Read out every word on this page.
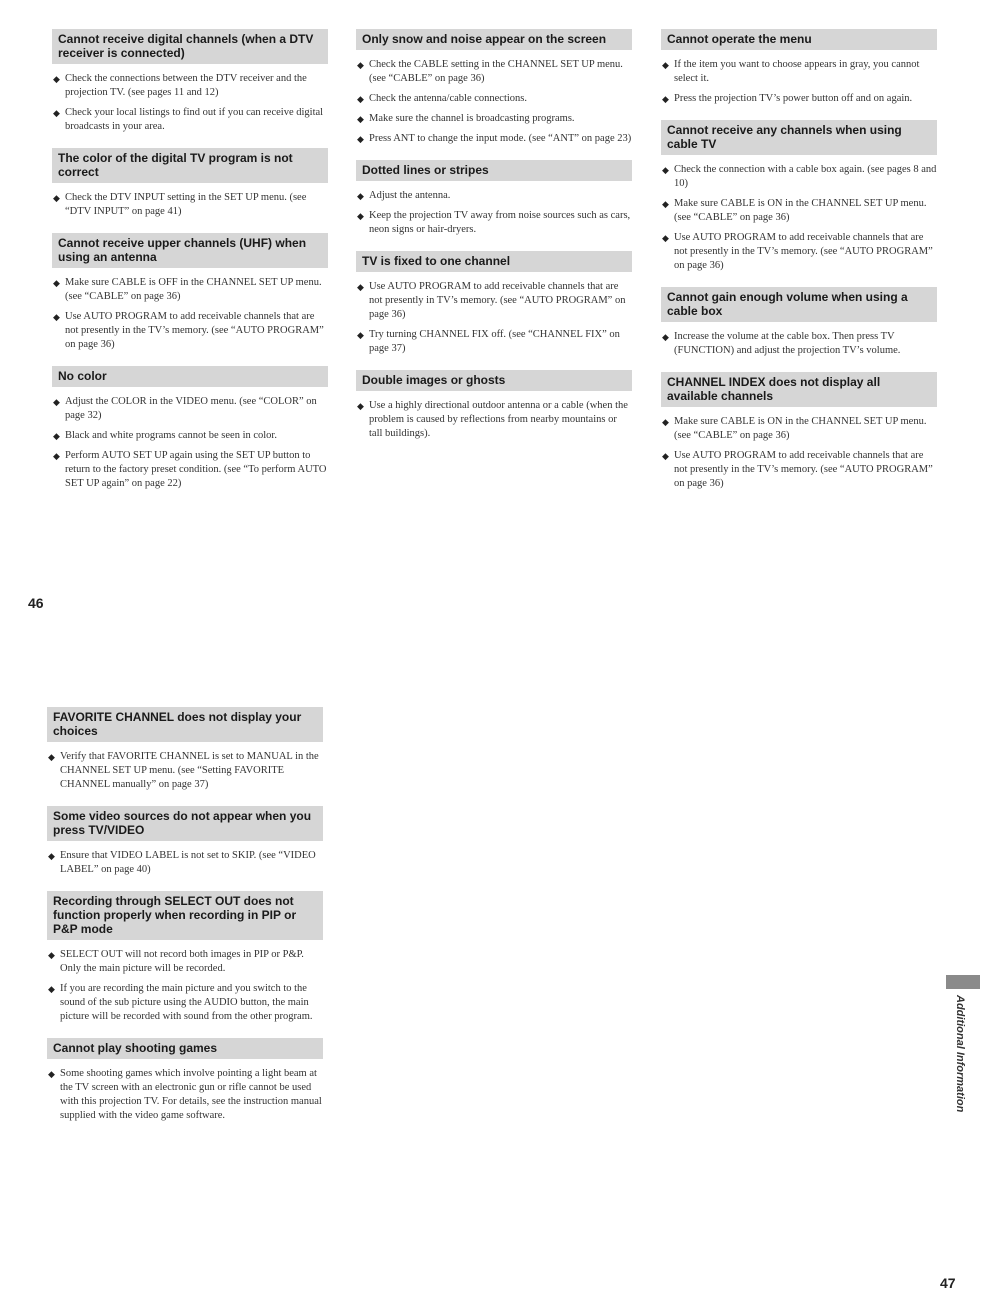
Cannot receive digital channels (when a DTV receiver is connected)
◆ Check the connections between the DTV receiver and the projection TV. (see pages 11 and 12)
◆ Check your local listings to find out if you can receive digital broadcasts in your area.
The color of the digital TV program is not correct
◆ Check the DTV INPUT setting in the SET UP menu. (see “DTV INPUT” on page 41)
Cannot receive upper channels (UHF) when using an antenna
◆ Make sure CABLE is OFF in the CHANNEL SET UP menu. (see “CABLE” on page 36)
◆ Use AUTO PROGRAM to add receivable channels that are not presently in the TV’s memory. (see “AUTO PROGRAM” on page 36)
No color
◆ Adjust the COLOR in the VIDEO menu. (see “COLOR” on page 32)
◆ Black and white programs cannot be seen in color.
◆ Perform AUTO SET UP again using the SET UP button to return to the factory preset condition. (see “To perform AUTO SET UP again” on page 22)
Only snow and noise appear on the screen
◆ Check the CABLE setting in the CHANNEL SET UP menu. (see “CABLE” on page 36)
◆ Check the antenna/cable connections.
◆ Make sure the channel is broadcasting programs.
◆ Press ANT to change the input mode. (see “ANT” on page 23)
Dotted lines or stripes
◆ Adjust the antenna.
◆ Keep the projection TV away from noise sources such as cars, neon signs or hair-dryers.
TV is fixed to one channel
◆ Use AUTO PROGRAM to add receivable channels that are not presently in TV’s memory. (see “AUTO PROGRAM” on page 36)
◆ Try turning CHANNEL FIX off. (see “CHANNEL FIX” on page 37)
Double images or ghosts
◆ Use a highly directional outdoor antenna or a cable (when the problem is caused by reflections from nearby mountains or tall buildings).
Cannot operate the menu
◆ If the item you want to choose appears in gray, you cannot select it.
◆ Press the projection TV’s power button off and on again.
Cannot receive any channels when using cable TV
◆ Check the connection with a cable box again. (see pages 8 and 10)
◆ Make sure CABLE is ON in the CHANNEL SET UP menu. (see “CABLE” on page 36)
◆ Use AUTO PROGRAM to add receivable channels that are not presently in the TV’s memory. (see “AUTO PROGRAM” on page 36)
Cannot gain enough volume when using a cable box
◆ Increase the volume at the cable box. Then press TV (FUNCTION) and adjust the projection TV’s volume.
CHANNEL INDEX does not display all available channels
◆ Make sure CABLE is ON in the CHANNEL SET UP menu. (see “CABLE” on page 36)
◆ Use AUTO PROGRAM to add receivable channels that are not presently in the TV’s memory. (see “AUTO PROGRAM” on page 36)
46
FAVORITE CHANNEL does not display your choices
◆ Verify that FAVORITE CHANNEL is set to MANUAL in the CHANNEL SET UP menu. (see “Setting FAVORITE CHANNEL manually” on page 37)
Some video sources do not appear when you press TV/VIDEO
◆ Ensure that VIDEO LABEL is not set to SKIP. (see “VIDEO LABEL” on page 40)
Recording through SELECT OUT does not function properly when recording in PIP or P&P mode
◆ SELECT OUT will not record both images in PIP or P&P. Only the main picture will be recorded.
◆ If you are recording the main picture and you switch to the sound of the sub picture using the AUDIO button, the main picture will be recorded with sound from the other program.
Cannot play shooting games
◆ Some shooting games which involve pointing a light beam at the TV screen with an electronic gun or rifle cannot be used with this projection TV. For details, see the instruction manual supplied with the video game software.
Additional Information
47
